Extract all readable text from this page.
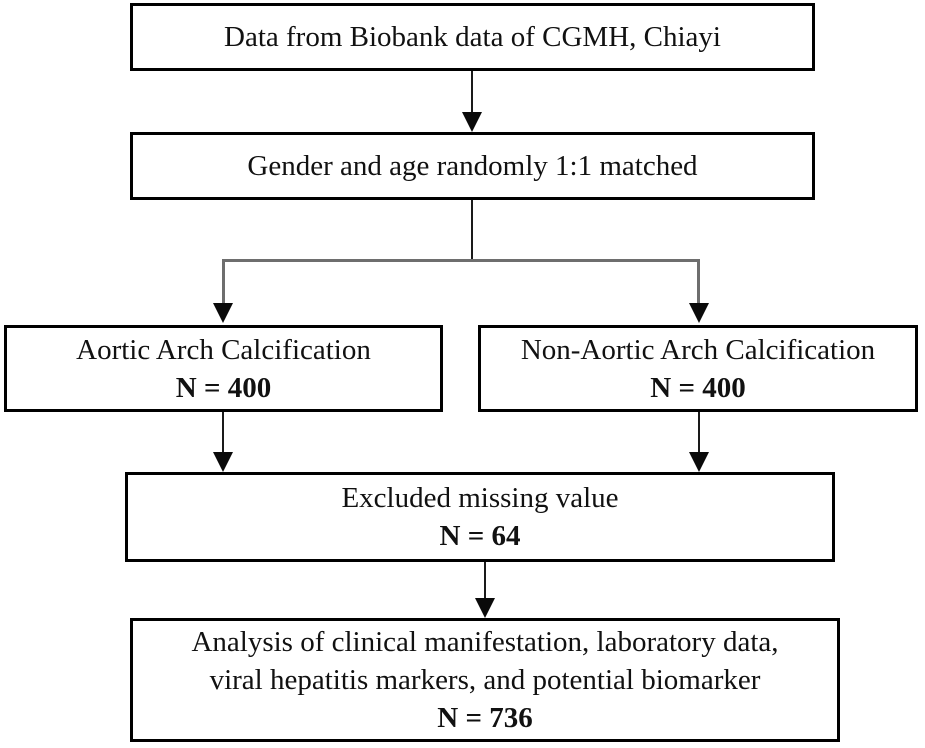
Data from Biobank data of CGMH, Chiayi
Gender and age randomly 1:1 matched
Aortic Arch Calcification
N = 400
Non-Aortic Arch Calcification
N = 400
Excluded missing value
N = 64
Analysis of clinical manifestation, laboratory data,
viral hepatitis markers, and potential biomarker
N = 736
